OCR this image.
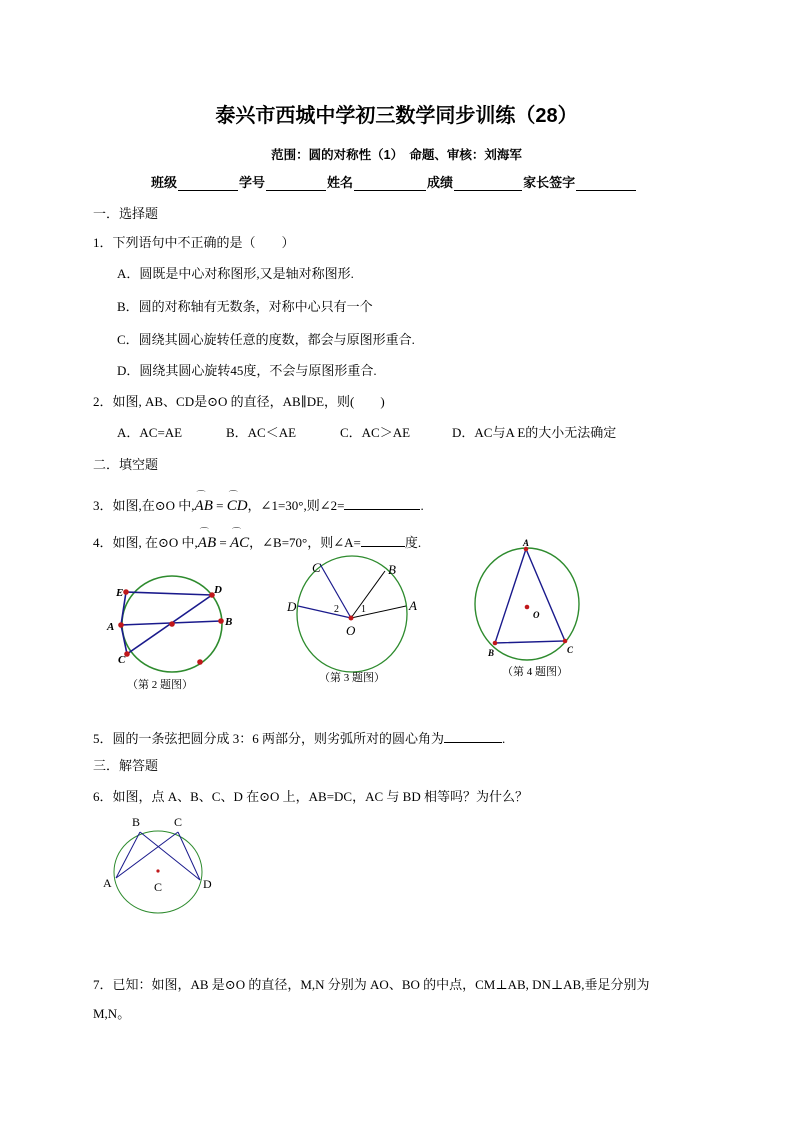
泰兴市西城中学初三数学同步训练（28）
范围：圆的对称性（1）　命题、审核：刘海军
班级	学号	姓名	成绩	家长签字
一．选择题
1．下列语句中不正确的是（　　）
A．圆既是中心对称图形,又是轴对称图形.
B．圆的对称轴有无数条，对称中心只有一个
C．圆绕其圆心旋转任意的度数，都会与原图形重合.
D．圆绕其圆心旋转45度，不会与原图形重合.
2．如图, AB、CD是⊙O 的直径，AB∥DE，则(　　)
A．AC=AE	B．AC＜AE	C．AC＞AE	D．AC与A E的大小无法确定
二．填空题
3．如图,在⊙O 中,⌒ AB = ⌒ CD，∠1=30°,则∠2=	.
4．如图, 在⊙O 中,⌒ AB = ⌒ AC，∠B=70°，则∠A=	度.
E	D
A	B
C
（第 2 题图）
D	A
B
C
O
2 1
（第 3 题图）
A
B	C
O
（第 4 题图）
B	C
A	D
C
5．圆的一条弦把圆分成 3：6 两部分，则劣弧所对的圆心角为	.
三．解答题
6．如图，点 A、B、C、D 在⊙O 上，AB=DC，AC 与 BD 相等吗？为什么？
7．已知：如图，AB 是⊙O 的直径，M,N 分别为 AO、BO 的中点，CM⊥AB, DN⊥AB,垂足分别为
M,N。
